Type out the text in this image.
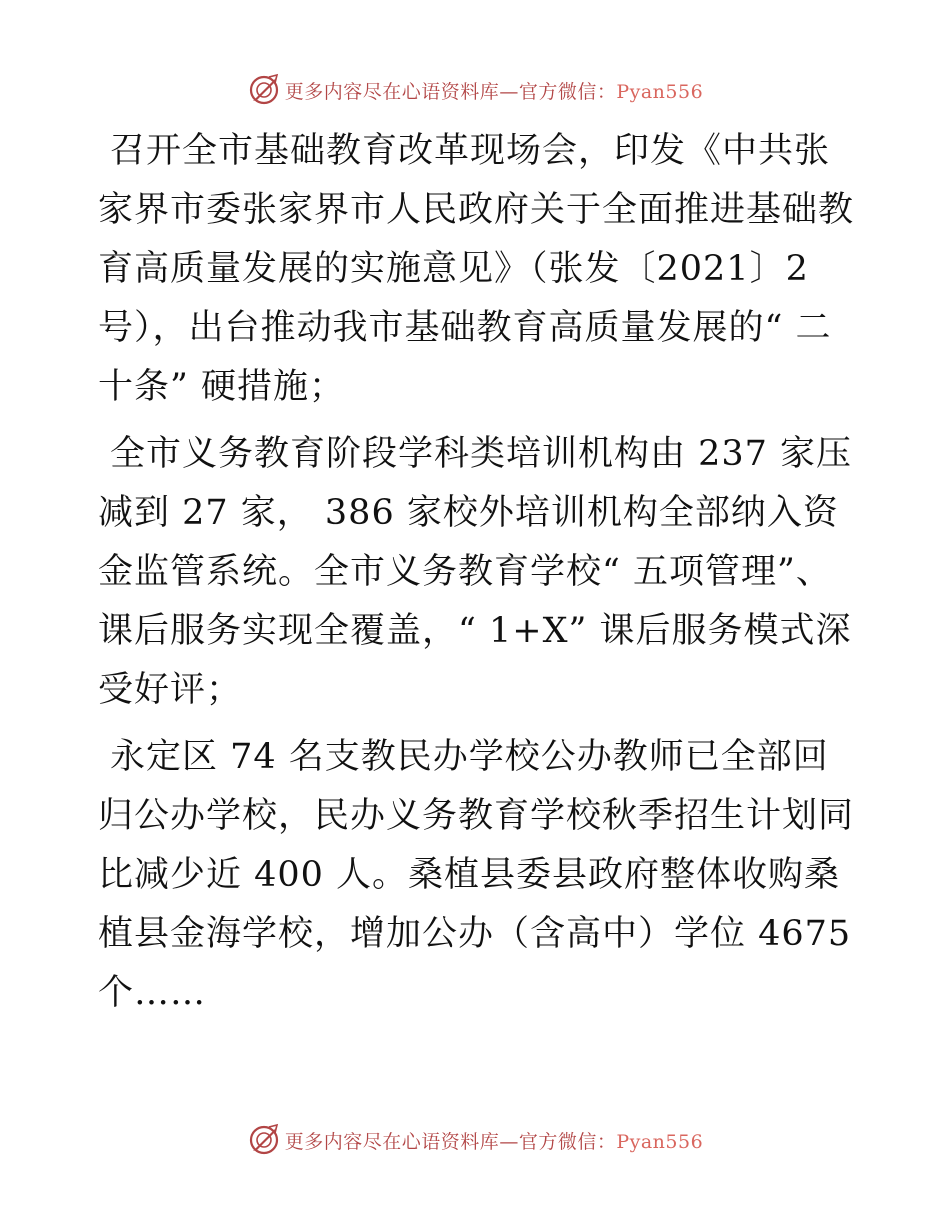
更多内容尽在心语资料库—官方微信：Pyan556

召开全市基础教育改革现场会，印发《中共张家界市委张家界市人民政府关于全面推进基础教育高质量发展的实施意见》（张发〔2021〕2 号），出台推动我市基础教育高质量发展的“ 二十条” 硬措施；

全市义务教育阶段学科类培训机构由 237 家压减到 27 家， 386 家校外培训机构全部纳入资金监管系统。全市义务教育学校“ 五项管理”、课后服务实现全覆盖，“ 1+X” 课后服务模式深受好评；

永定区 74 名支教民办学校公办教师已全部回归公办学校，民办义务教育学校秋季招生计划同比减少近 400 人。桑植县委县政府整体收购桑植县金海学校，增加公办（含高中）学位 4675 个……

更多内容尽在心语资料库—官方微信：Pyan556
